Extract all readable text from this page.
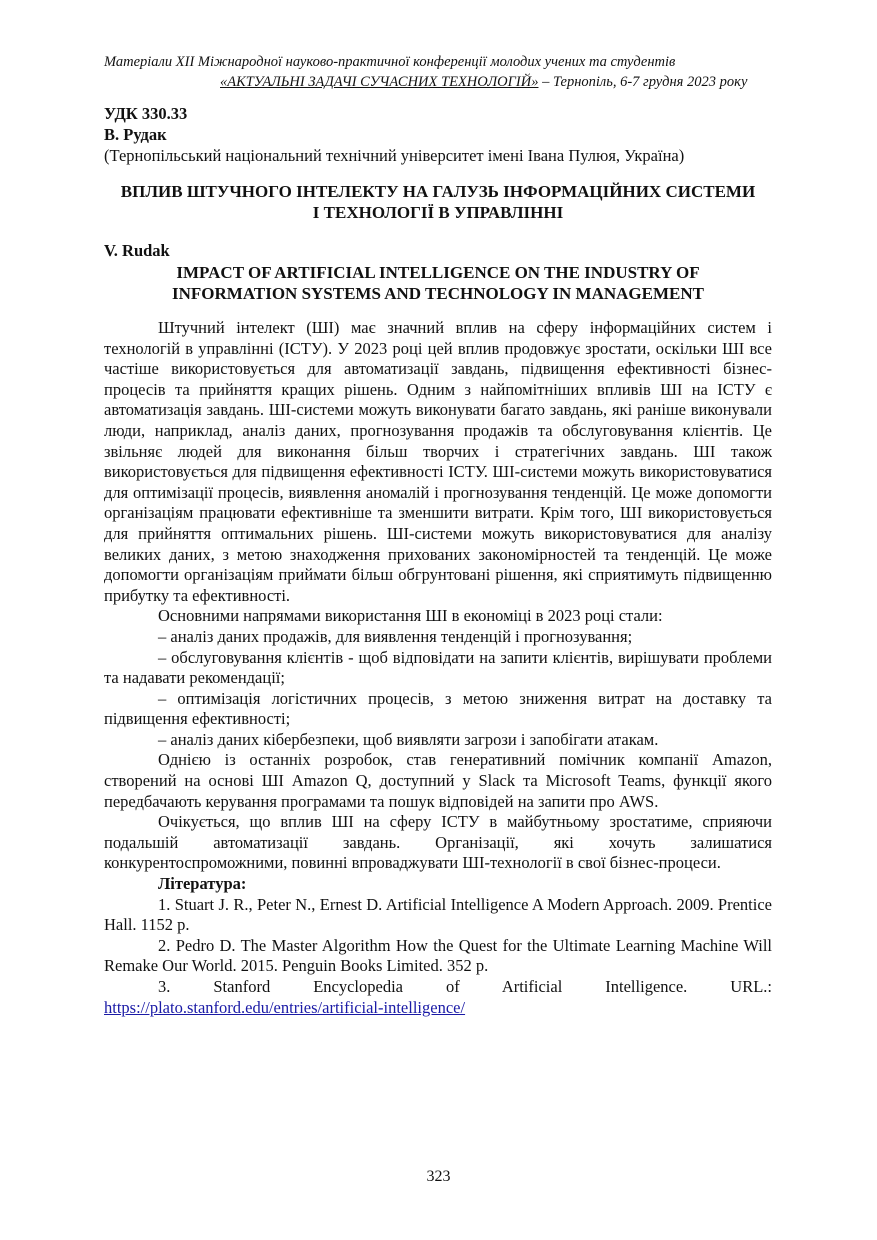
Матеріали XII Міжнародної науково-практичної конференції молодих учених та студентів
«АКТУАЛЬНІ ЗАДАЧІ СУЧАСНИХ ТЕХНОЛОГІЙ» – Тернопіль, 6-7 грудня 2023 року
УДК 330.33
В. Рудак
(Тернопільський національний технічний університет імені Івана Пулюя, Україна)
ВПЛИВ ШТУЧНОГО ІНТЕЛЕКТУ НА ГАЛУЗЬ ІНФОРМАЦІЙНИХ СИСТЕМИ
І ТЕХНОЛОГІЇ В УПРАВЛІННІ
V. Rudak
IMPACT OF ARTIFICIAL INTELLIGENCE ON THE INDUSTRY OF
INFORMATION SYSTEMS AND TECHNOLOGY IN MANAGEMENT

Штучний інтелект (ШІ) має значний вплив на сферу інформаційних систем і технологій в управлінні (ІСТУ). У 2023 році цей вплив продовжує зростати, оскільки ШІ все частіше використовується для автоматизації завдань, підвищення ефективності бізнес-процесів та прийняття кращих рішень. Одним з найпомітніших впливів ШІ на ІСТУ є автоматизація завдань. ШІ-системи можуть виконувати багато завдань, які раніше виконували люди, наприклад, аналіз даних, прогнозування продажів та обслуговування клієнтів. Це звільняє людей для виконання більш творчих і стратегічних завдань. ШІ також використовується для підвищення ефективності ІСТУ. ШІ-системи можуть використовуватися для оптимізації процесів, виявлення аномалій і прогнозування тенденцій. Це може допомогти організаціям працювати ефективніше та зменшити витрати. Крім того, ШІ використовується для прийняття оптимальних рішень. ШІ-системи можуть використовуватися для аналізу великих даних, з метою знаходження прихованих закономірностей та тенденцій. Це може допомогти організаціям приймати більш обгрунтовані рішення, які сприятимуть підвищенню прибутку та ефективності.

Основними напрямами використання ШІ в економіці в 2023 році стали:

– аналіз даних продажів, для виявлення тенденцій і прогнозування;

– обслуговування клієнтів - щоб відповідати на запити клієнтів, вирішувати проблеми та надавати рекомендації;

– оптимізація логістичних процесів, з метою зниження витрат на доставку та підвищення ефективності;

– аналіз даних кібербезпеки, щоб виявляти загрози і запобігати атакам.

Однією із останніх розробок, став генеративний помічник компанії Amazon, створений на основі ШІ Amazon Q, доступний у Slack та Microsoft Teams, функції якого передбачають керування програмами та пошук відповідей на запити про AWS.

Очікується, що вплив ШІ на сферу ІСТУ в майбутньому зростатиме, сприяючи подальшій автоматизації завдань. Організації, які хочуть залишатися конкурентоспроможними, повинні впроваджувати ШІ-технології в свої бізнес-процеси.

Література:

1. Stuart J. R., Peter N., Ernest D. Artificial Intelligence A Modern Approach. 2009. Prentice Hall. 1152 p.

2. Pedro D. The Master Algorithm How the Quest for the Ultimate Learning Machine Will Remake Our World. 2015. Penguin Books Limited. 352 p.

3. Stanford Encyclopedia of Artificial Intelligence. URL.: https://plato.stanford.edu/entries/artificial-intelligence/

323
